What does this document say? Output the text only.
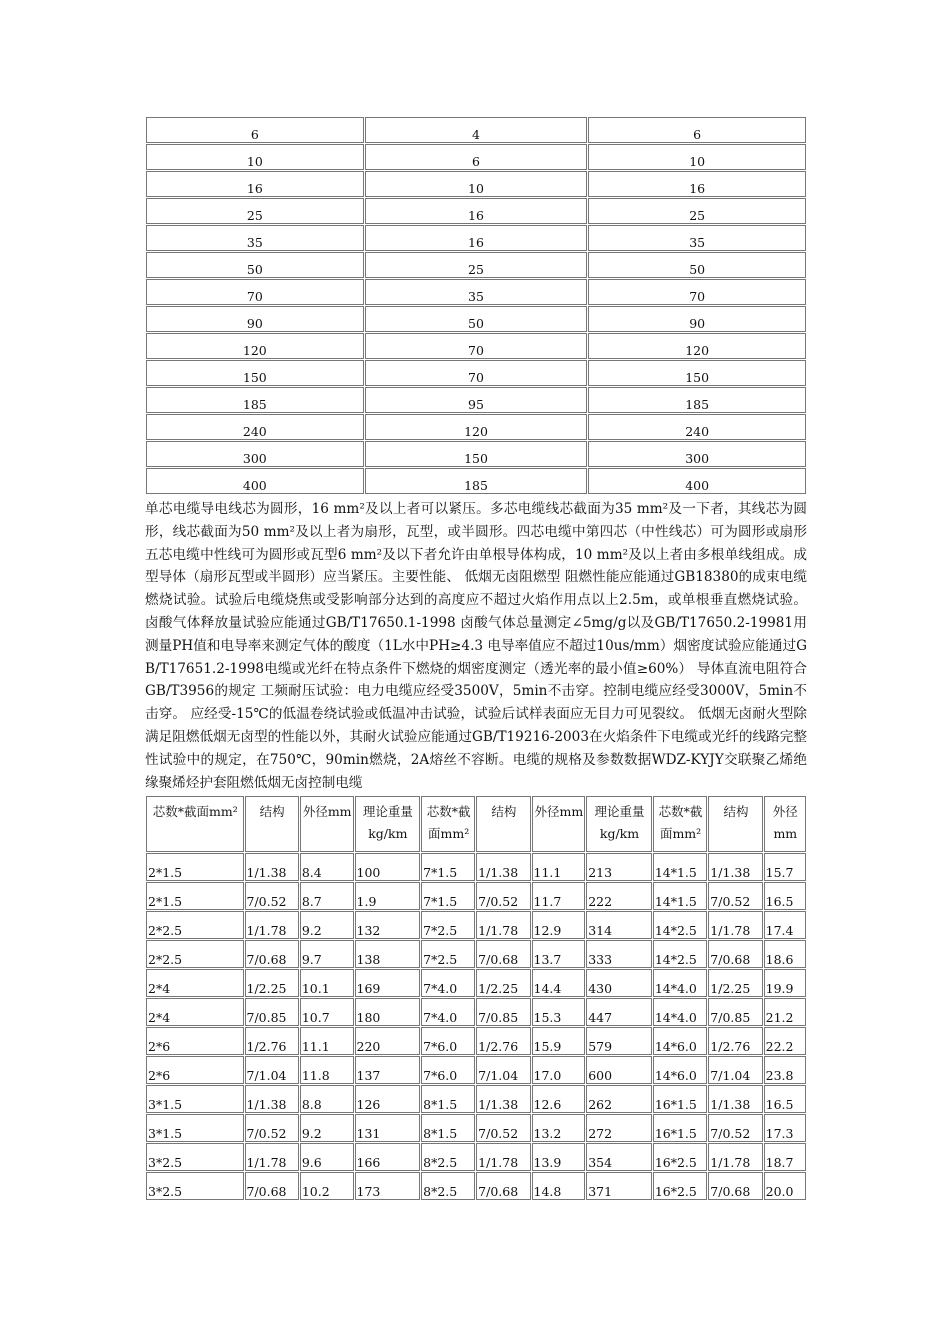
6	4	6
10	6	10
16	10	16
25	16	25
35	16	35
50	25	50
70	35	70
90	50	90
120	70	120
150	70	150
185	95	185
240	120	240
300	150	300
400	185	400

单芯电缆导电线芯为圆形，16 mm²及以上者可以紧压。多芯电缆线芯截面为35 mm²及一下者，其线芯为圆形，线芯截面为50 mm²及以上者为扇形，瓦型，或半圆形。四芯电缆中第四芯（中性线芯）可为圆形或扇形五芯电缆中性线可为圆形或瓦型6 mm²及以下者允许由单根导体构成，10 mm²及以上者由多根单线组成。成型导体（扇形瓦型或半圆形）应当紧压。主要性能、 低烟无卤阻燃型 阻燃性能应能通过GB18380的成束电缆燃烧试验。试验后电缆烧焦或受影响部分达到的高度应不超过火焰作用点以上2.5m，或单根垂直燃烧试验。 卤酸气体释放量试验应能通过GB/T17650.1-1998 卤酸气体总量测定∠5mg/g以及GB/T17650.2-19981用测量PH值和电导率来测定气体的酸度（1L水中PH≥4.3 电导率值应不超过10us/mm）烟密度试验应能通过GB/T17651.2-1998电缆或光纤在特点条件下燃烧的烟密度测定（透光率的最小值≥60%） 导体直流电阻符合GB/T3956的规定 工频耐压试验：电力电缆应经受3500V，5min不击穿。控制电缆应经受3000V，5min不击穿。 应经受-15℃的低温卷绕试验或低温冲击试验，试验后试样表面应无目力可见裂纹。 低烟无卤耐火型除满足阻燃低烟无卤型的性能以外，其耐火试验应能通过GB/T19216-2003在火焰条件下电缆或光纤的线路完整性试验中的规定，在750℃，90min燃烧，2A熔丝不容断。电缆的规格及参数数据WDZ-KYJY交联聚乙烯绝缘聚烯烃护套阻燃低烟无卤控制电缆

芯数*截面mm²	结构	外径mm	理论重量kg/km	芯数*截面mm²	结构	外径mm	理论重量kg/km	芯数*截面mm²	结构	外径mm
2*1.5	1/1.38	8.4	100	7*1.5	1/1.38	11.1	213	14*1.5	1/1.38	15.7
2*1.5	7/0.52	8.7	1.9	7*1.5	7/0.52	11.7	222	14*1.5	7/0.52	16.5
2*2.5	1/1.78	9.2	132	7*2.5	1/1.78	12.9	314	14*2.5	1/1.78	17.4
2*2.5	7/0.68	9.7	138	7*2.5	7/0.68	13.7	333	14*2.5	7/0.68	18.6
2*4	1/2.25	10.1	169	7*4.0	1/2.25	14.4	430	14*4.0	1/2.25	19.9
2*4	7/0.85	10.7	180	7*4.0	7/0.85	15.3	447	14*4.0	7/0.85	21.2
2*6	1/2.76	11.1	220	7*6.0	1/2.76	15.9	579	14*6.0	1/2.76	22.2
2*6	7/1.04	11.8	137	7*6.0	7/1.04	17.0	600	14*6.0	7/1.04	23.8
3*1.5	1/1.38	8.8	126	8*1.5	1/1.38	12.6	262	16*1.5	1/1.38	16.5
3*1.5	7/0.52	9.2	131	8*1.5	7/0.52	13.2	272	16*1.5	7/0.52	17.3
3*2.5	1/1.78	9.6	166	8*2.5	1/1.78	13.9	354	16*2.5	1/1.78	18.7
3*2.5	7/0.68	10.2	173	8*2.5	7/0.68	14.8	371	16*2.5	7/0.68	20.0
